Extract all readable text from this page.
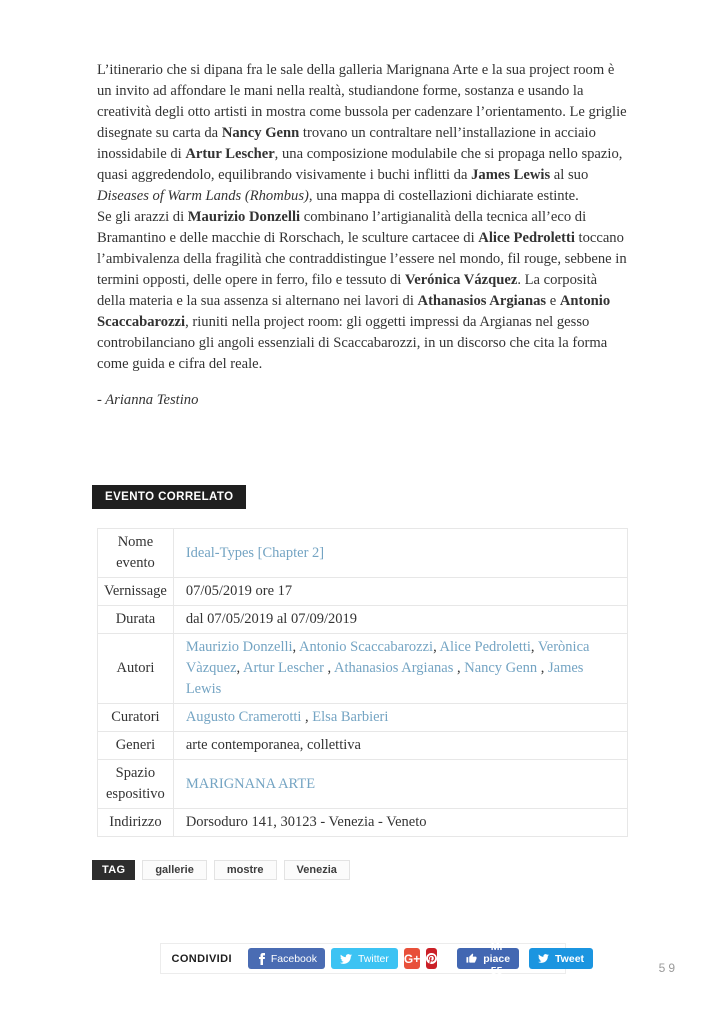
L’itinerario che si dipana fra le sale della galleria Marignana Arte e la sua project room è un invito ad affondare le mani nella realtà, studiandone forme, sostanza e usando la creatività degli otto artisti in mostra come bussola per cadenzare l’orientamento. Le griglie disegnate su carta da Nancy Genn trovano un contraltare nell’installazione in acciaio inossidabile di Artur Lescher, una composizione modulabile che si propaga nello spazio, quasi aggredendolo, equilibrando visivamente i buchi inflitti da James Lewis al suo Diseases of Warm Lands (Rhombus), una mappa di costellazioni dichiarate estinte.

Se gli arazzi di Maurizio Donzelli combinano l’artigianalità della tecnica all’eco di Bramantino e delle macchie di Rorschach, le sculture cartacee di Alice Pedroletti toccano l’ambivalenza della fragilità che contraddistingue l’essere nel mondo, fil rouge, sebbene in termini opposti, delle opere in ferro, filo e tessuto di Verónica Vázquez. La corposità della materia e la sua assenza si alternano nei lavori di Athanasios Argianas e Antonio Scaccabarozzi, riuniti nella project room: gli oggetti impressi da Argianas nel gesso controbilanciano gli angoli essenziali di Scaccabarozzi, in un discorso che cita la forma come guida e cifra del reale.

- Arianna Testino

EVENTO CORRELATO
Nome evento	Ideal-Types [Chapter 2]
Vernissage	07/05/2019 ore 17
Durata	dal 07/05/2019 al 07/09/2019
Autori	Maurizio Donzelli, Antonio Scaccabarozzi, Alice Pedroletti, Verònica Vàzquez, Artur Lescher , Athanasios Argianas , Nancy Genn , James Lewis
Curatori	Augusto Cramerotti , Elsa Barbieri
Generi	arte contemporanea, collettiva
Spazio espositivo	MARIGNANA ARTE
Indirizzo	Dorsoduro 141, 30123 - Venezia - Veneto
TAG	gallerie	mostre	Venezia
CONDIVIDI	Facebook	Twitter G+
Mi piace 55
Tweet
59
